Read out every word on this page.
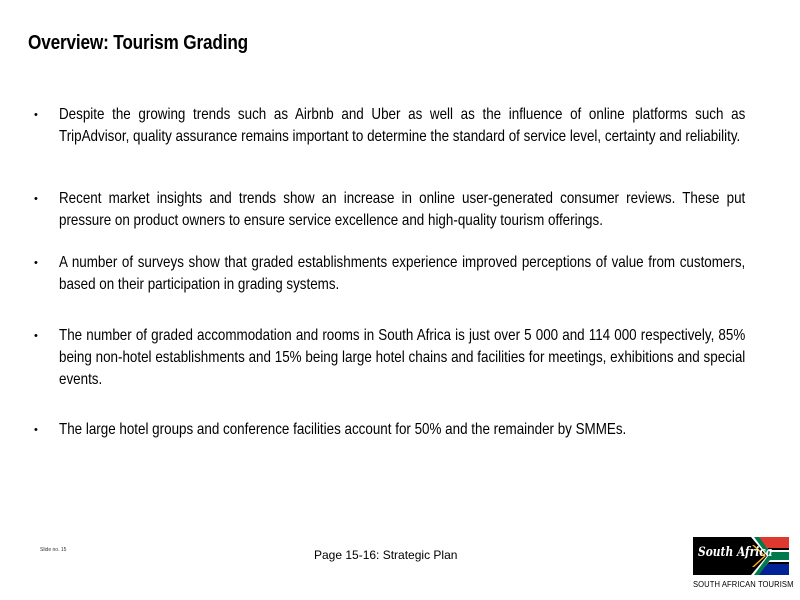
Overview: Tourism Grading
• Despite the growing trends such as Airbnb and Uber as well as the influence of online platforms such as TripAdvisor, quality assurance remains important to determine the standard of service level, certainty and reliability.
• Recent market insights and trends show an increase in online user-generated consumer reviews. These put pressure on product owners to ensure service excellence and high-quality tourism offerings.
• A number of surveys show that graded establishments experience improved perceptions of value from customers, based on their participation in grading systems.
• The number of graded accommodation and rooms in South Africa is just over 5 000 and 114 000 respectively, 85% being non-hotel establishments and 15% being large hotel chains and facilities for meetings, exhibitions and special events.
• The large hotel groups and conference facilities account for 50% and the remainder by SMMEs.
Slide no. 15	Page 15-16: Strategic Plan	South Africa
SOUTH AFRICAN TOURISM
